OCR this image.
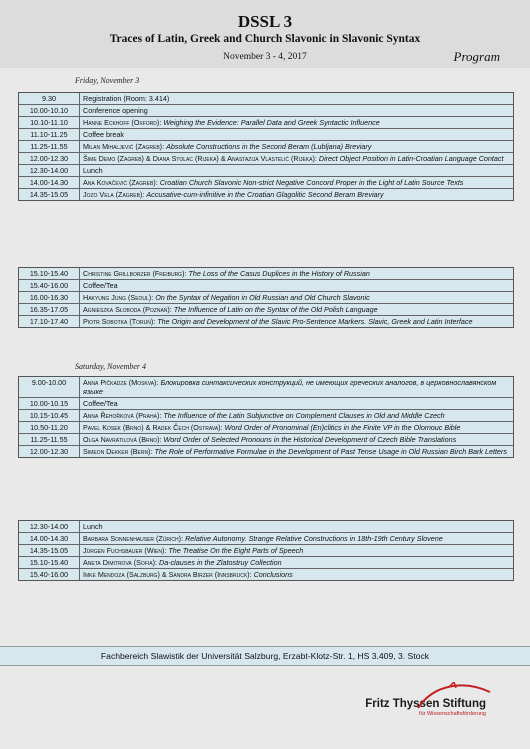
DSSL 3
Traces of Latin, Greek and Church Slavonic in Slavonic Syntax
November 3 - 4, 2017	Program
Friday, November 3
9.30	Registration (Room: 3.414)
10.00-10.10	Conference opening
10.10-11.10	Hanne Eckhoff (Oxford): Weighing the Evidence: Parallel Data and Greek Syntactic Influence
11.10-11.25	Coffee break
11.25-11.55	Milan Mihaljević (Zagreb): Absolute Constructions in the Second Beram (Lubljana) Breviary
12.00-12.30	Šime Demo (Zagreb) & Diana Stolac (Rijeka) & Anastazija Vlastelić (Rijeka): Direct Object Position in Latin-Croatian Language Contact
12.30-14.00	Lunch
14.00-14.30	Ana Kovačević (Zagreb): Croatian Church Slavonic Non-strict Negative Concord Proper in the Light of Latin Source Texts
14.35-15.05	Jozo Vela (Zagreb): Accusative-cum-infinitive in the Croatian Glagolitic Second Beram Breviary
15.10-15.40	Christine Grillborzer (Freiburg): The Loss of the Casus Duplices in the History of Russian
15.40-16.00	Coffee/Tea
16.00-16.30	Hakyung Jung (Seoul): On the Syntax of Negation in Old Russian and Old Church Slavonic
16.35-17.05	Agnieszka Słoboda (Poznań): The Influence of Latin on the Syntax of the Old Polish Language
17.10-17.40	Piotr Sobotka (Toruń): The Origin and Development of the Slavic Pro-Sentence Markers. Slavic, Greek and Latin Interface
Saturday, November 4
9.00-10.00	Anna Pičkadze (Moskva): Блокировка синтаксических конструкций, не имеющих греческих аналогов, в церковнославянском языке
10.00-10.15	Coffee/Tea
10.15-10.45	Anna Řehořková (Praha): The Influence of the Latin Subjunctive on Complement Clauses in Old and Middle Czech
10.50-11.20	Pavel Kosek (Brno) & Radek Čech (Ostrava): Word Order of Pronominal (En)clitics in the Finite VP in the Olomouc Bible
11.25-11.55	Olga Navrátilová (Brno): Word Order of Selected Pronouns in the Historical Development of Czech Bible Translations
12.00-12.30	Simeon Dekker (Bern): The Role of Performative Formulae in the Development of Past Tense Usage in Old Russian Birch Bark Letters
12.30-14.00	Lunch
14.00-14.30	Barbara Sonnenhauser (Zürich): Relative Autonomy. Strange Relative Constructions in 18th-19th Century Slovene
14.35-15.05	Jürgen Fuchsbauer (Wien): The Treatise On the Eight Parts of Speech
15.10-15.40	Aneta Dimitrova (Sofia): Da-clauses in the Zlatostruy Collection
15.40-16.00	Imke Mendoza (Salzburg) & Sandra Birzer (Innsbruck): Conclusions
Fachbereich Slawistik der Universität Salzburg, Erzabt-Klotz-Str. 1, HS 3.409, 3. Stock
Fritz Thyssen Stiftung
für Wissenschaftsförderung
